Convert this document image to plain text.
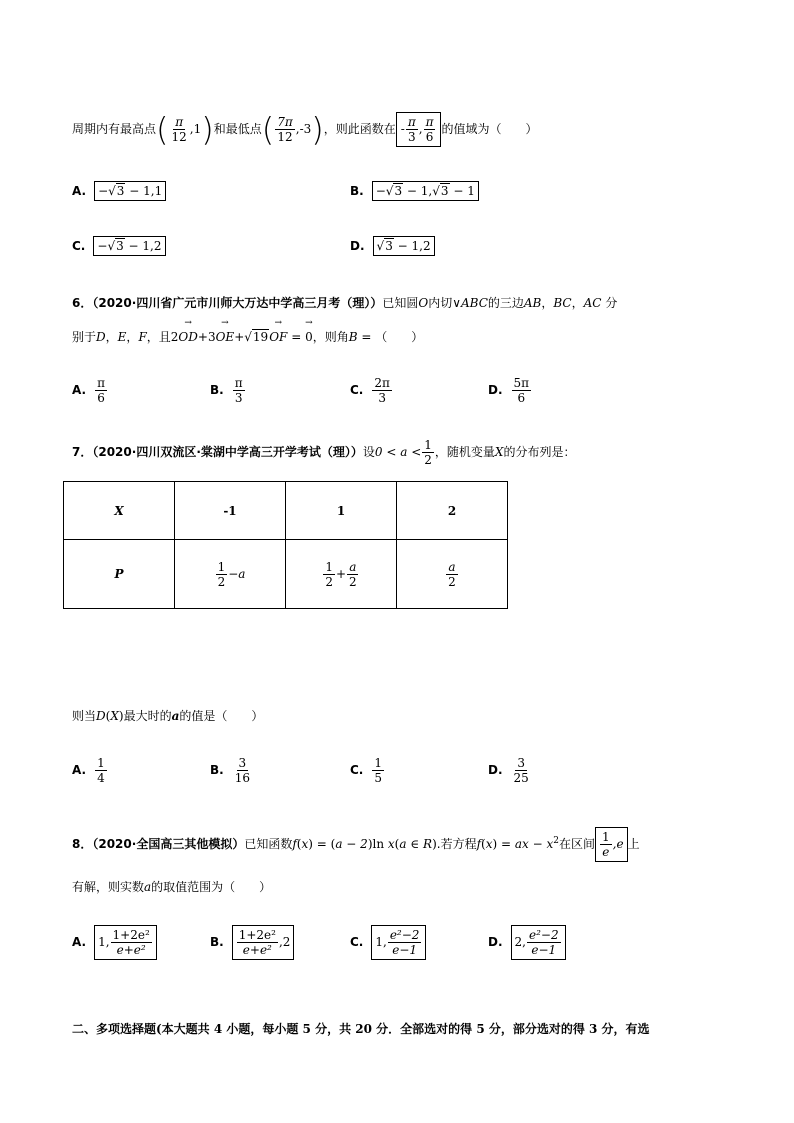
周期内有最高点( $\frac{\pi}{12} ,1$)和最低点( $\frac{7\pi}{12} ,-3$)，则此函数在 - $\frac{\pi}{3}$ , $\frac{\pi}{6}$ 的值域为（　　）
A. −√3 − 1,1	B. −√3 − 1,√3 − 1
C. −√3 − 1,2	D. √3 − 1,2
6．（2020·四川省广元市川师大万达中学高三月考（理））已知圆O内切∨ABC的三边AB，BC，AC 分
别于D，E，F，且2
→
OD+3
→
OE+√19
→
OF =
→
0，则角B = （　　）
A. $\frac{\pi}{6}$	B. $\frac{\pi}{3}$	C. $\frac{2\pi}{3}$	D. $\frac{5\pi}{6}$
7．（2020·四川双流区·棠湖中学高三开学考试（理））设$0 < a < \frac{1}{2}$ ，随机变量X的分布列是：
X	-1	1	2
P	$\frac{1}{2} -a$	$\frac{1}{2} + \frac{a}{2}$	$\frac{a}{2}$
则当D(X)最大时的a的值是（　　）
A. $\frac{1}{4}$	B. $\frac{3}{16}$	C. $\frac{1}{5}$	D. $\frac{3}{25}$
8．（2020·全国高三其他模拟）已知函数f(x) = (a − 2)ln x(a ∈ R).若方程f(x) = ax − $x^2$在区间 $\frac{1}{e} ,e$ 上
有解，则实数a的取值范围为（　　）
A. 1, $\frac{\text{1+2e²}}{\text{e+e²}}$	B. $\frac{\text{1+2e²}}{\text{e+e²}} ,2$	C. 1, $\frac{\text{e²−2}}{e-1}$	D. 2, $\frac{\text{e²−2}}{e-1}$
二、多项选择题(本大题共 4 小题，每小题 5 分，共 20 分．全部选对的得 5 分，部分选对的得 3 分，有选
